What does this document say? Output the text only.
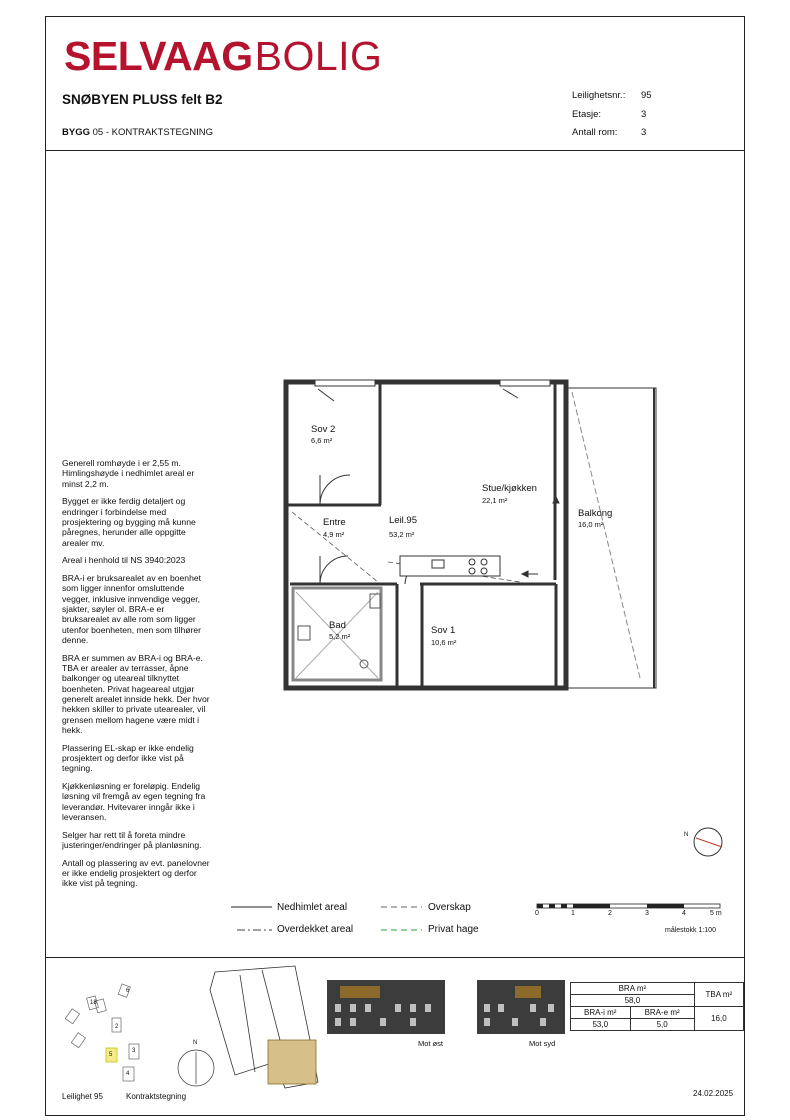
SELVAAGBOLIG
SNØBYEN PLUSS felt B2
BYGG 05 - KONTRAKTSTEGNING
Leilighetsnr.: 95
Etasje:	3
Antall rom: 3

Generell romhøyde i er 2,55 m. Himlingshøyde i nedhimlet areal er minst 2,2 m.

Bygget er ikke ferdig detaljert og endringer i forbindelse med prosjektering og bygging må kunne påregnes, herunder alle oppgitte arealer mv.

Areal i henhold til NS 3940:2023

BRA-i er bruksarealet av en boenhet som ligger innenfor omsluttende vegger, inklusive innvendige vegger, sjakter, søyler ol. BRA-e er bruksarealet av alle rom som ligger utenfor boenheten, men som tilhører denne.

BRA er summen av BRA-i og BRA-e. TBA er arealer av terrasser, åpne balkonger og uteareal tilknyttet boenheten. Privat hageareal utgjør generelt arealet innside hekk. Der hvor hekken skiller to private utearealer, vil grensen mellom hagene være midt i hekk.

Plassering EL-skap er ikke endelig prosjektert og derfor ikke vist på tegning.

Kjøkkenløsning er foreløpig. Endelig løsning vil fremgå av egen tegning fra leverandør. Hvitevarer inngår ikke i leveransen.

Selger har rett til å foreta mindre justeringer/endringer på planløsning.

Antall og plassering av evt. panelovner er ikke endelig prosjektert og derfor ikke vist på tegning.

Sov 2
6,6 m²
Entre
4,9 m²
Leil.95
53,2 m²
Stue/kjøkken
22,1 m²
Balkong
16,0 m²
Bad
5,2 m²
Sov 1
10,6 m²
N
Nedhimlet areal	Overskap
Overdekket areal	Privat hage
0	1	2	3	4	5 m
målestokk 1:100
18
6
2
5
3
4
N	Mot øst	Mot syd
BRA m²		TBA m²
58,0		
BRA-i m²	BRA-e m²	16,0
53,0	5,0	
Leilighet 95	Kontraktstegning	24.02.2025
